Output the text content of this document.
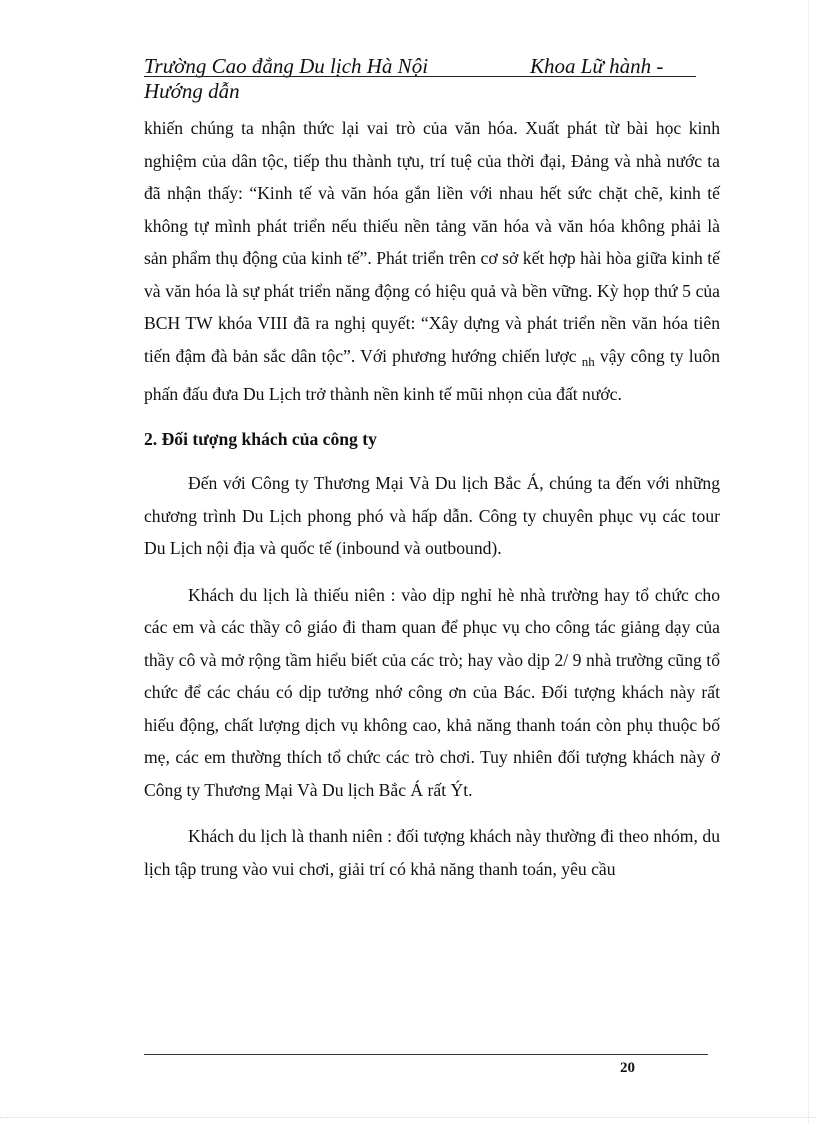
Trường Cao đẳng Du lịch Hà Nội	Khoa Lữ hành -
Hướng dẫn

khiến chúng ta nhận thức lại vai trò của văn hóa. Xuất phát từ bài học kinh nghiệm của dân tộc, tiếp thu thành tựu, trí tuệ của thời đại, Đảng và nhà nước ta đã nhận thấy: “Kinh tế và văn hóa gắn liền với nhau hết sức chặt chẽ, kinh tế không tự mình phát triển nếu thiếu nền tảng văn hóa và văn hóa không phải là sản phẩm thụ động của kinh tế”. Phát triển trên cơ sở kết hợp hài hòa giữa kinh tế và văn hóa là sự phát triển năng động có hiệu quả và bền vững. Kỳ họp thứ 5 của BCH TW khóa VIII đã ra nghị quyết: “Xây dựng và phát triển nền văn hóa tiên tiến đậm đà bản sắc dân tộc”. Với phương hướng chiến lược $_{nh}$ vậy công ty luôn phấn đấu đưa Du Lịch trở thành nền kinh tế mũi nhọn của đất nước.

2. Đối tượng khách của công ty

Đến với Công ty Thương Mại Và Du lịch Bắc Á, chúng ta đến với những chương trình Du Lịch phong phó và hấp dẫn. Công ty chuyên phục vụ các tour Du Lịch nội địa và quốc tế (inbound và outbound).

Khách du lịch là thiếu niên : vào dịp nghỉ hè nhà trường hay tổ chức cho các em và các thầy cô giáo đi tham quan để phục vụ cho công tác giảng dạy của thầy cô và mở rộng tầm hiểu biết của các trò; hay vào dịp 2/ 9 nhà trường cũng tổ chức để các cháu có dịp tưởng nhớ công ơn của Bác. Đối tượng khách này rất hiếu động, chất lượng dịch vụ không cao, khả năng thanh toán còn phụ thuộc bố mẹ, các em thường thích tổ chức các trò chơi. Tuy nhiên đối tượng khách này ở Công ty Thương Mại Và Du lịch Bắc Á rất Ýt.

Khách du lịch là thanh niên : đối tượng khách này thường đi theo nhóm, du lịch tập trung vào vui chơi, giải trí có khả năng thanh toán, yêu cầu

20
